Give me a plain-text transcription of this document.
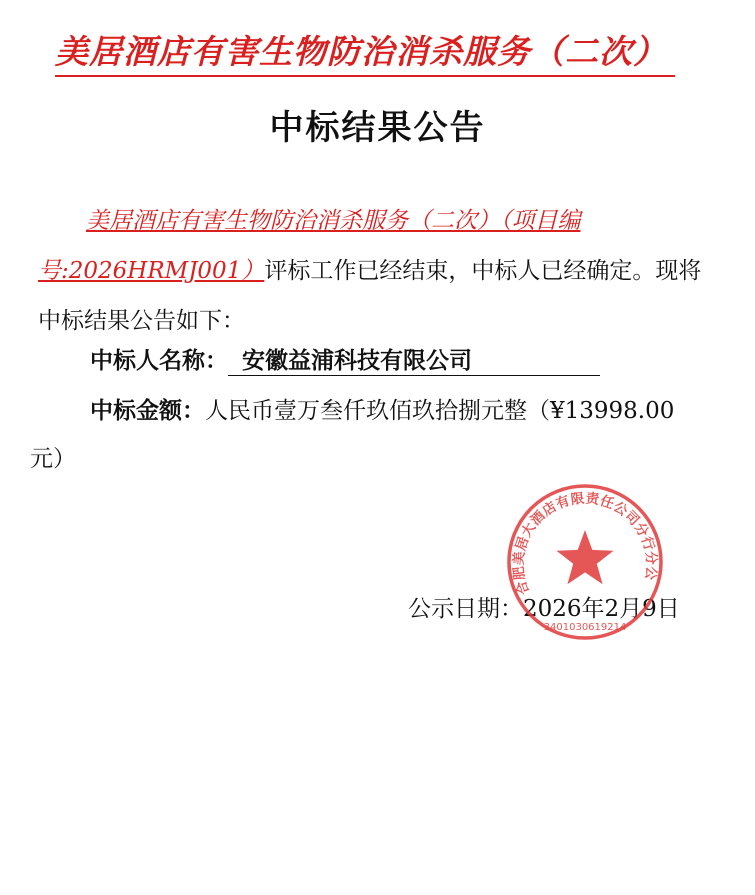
美居酒店有害生物防治消杀服务（二次）
中标结果公告
美居酒店有害生物防治消杀服务（二次）（项目编号:2026HRMJ001）评标工作已经结束，中标人已经确定。现将中标结果公告如下：
中标人名称： 安徽益浦科技有限公司
中标金额：人民币壹万叁仟玖佰玖拾捌元整（¥13998.00
元）
公示日期：2026年2月9日
合肥美居大酒店有限责任公司分行分公
3401030619214
